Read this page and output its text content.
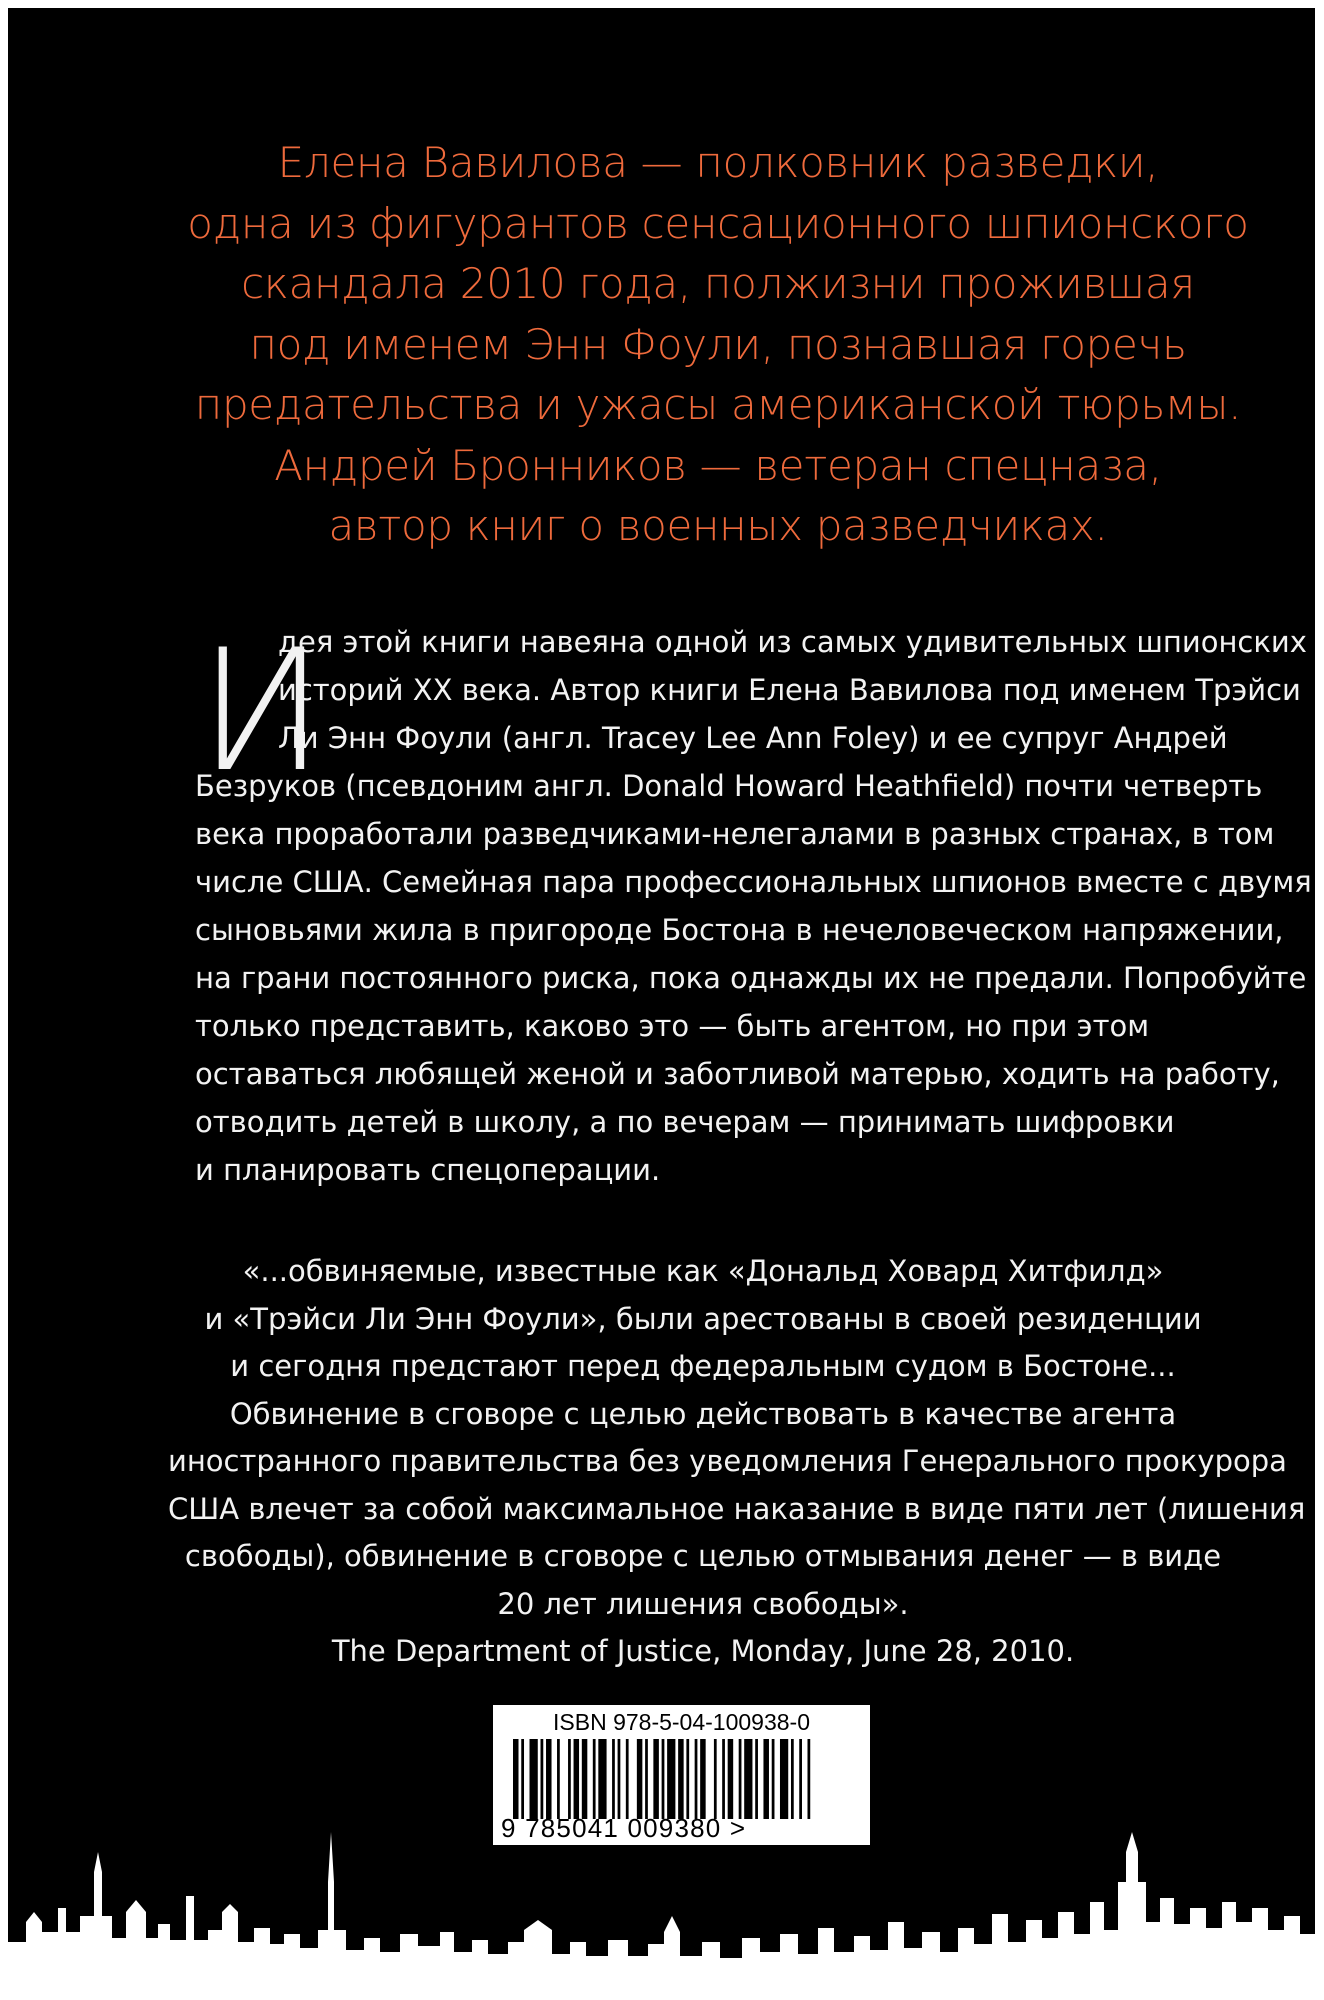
Елена Вавилова — полковник разведки,
одна из фигурантов сенсационного шпионского
скандала 2010 года, полжизни прожившая
под именем Энн Фоули, познавшая горечь
предательства и ужасы американской тюрьмы.
Андрей Бронников — ветеран спецназа,
автор книг о военных разведчиках.
И
дея этой книги навеяна одной из самых удивительных шпионских
историй XX века. Автор книги Елена Вавилова под именем Трэйси
Ли Энн Фоули (англ. Tracey Lee Ann Foley) и ее супруг Андрей
Безруков (псевдоним англ. Donald Howard Heathfield) почти четверть
века проработали разведчиками-нелегалами в разных странах, в том
числе США. Семейная пара профессиональных шпионов вместе с двумя
сыновьями жила в пригороде Бостона в нечеловеческом напряжении,
на грани постоянного риска, пока однажды их не предали. Попробуйте
только представить, каково это — быть агентом, но при этом
оставаться любящей женой и заботливой матерью, ходить на работу,
отводить детей в школу, а по вечерам — принимать шифровки
и планировать спецоперации.
«...обвиняемые, известные как «Дональд Ховард Хитфилд»
и «Трэйси Ли Энн Фоули», были арестованы в своей резиденции
и сегодня предстают перед федеральным судом в Бостоне...
Обвинение в сговоре с целью действовать в качестве агента
иностранного правительства без уведомления Генерального прокурора
США влечет за собой максимальное наказание в виде пяти лет (лишения
свободы), обвинение в сговоре с целью отмывания денег — в виде
20 лет лишения свободы».
The Department of Justice, Monday, June 28, 2010.
ISBN 978-5-04-100938-0
9 785041 009380 >
